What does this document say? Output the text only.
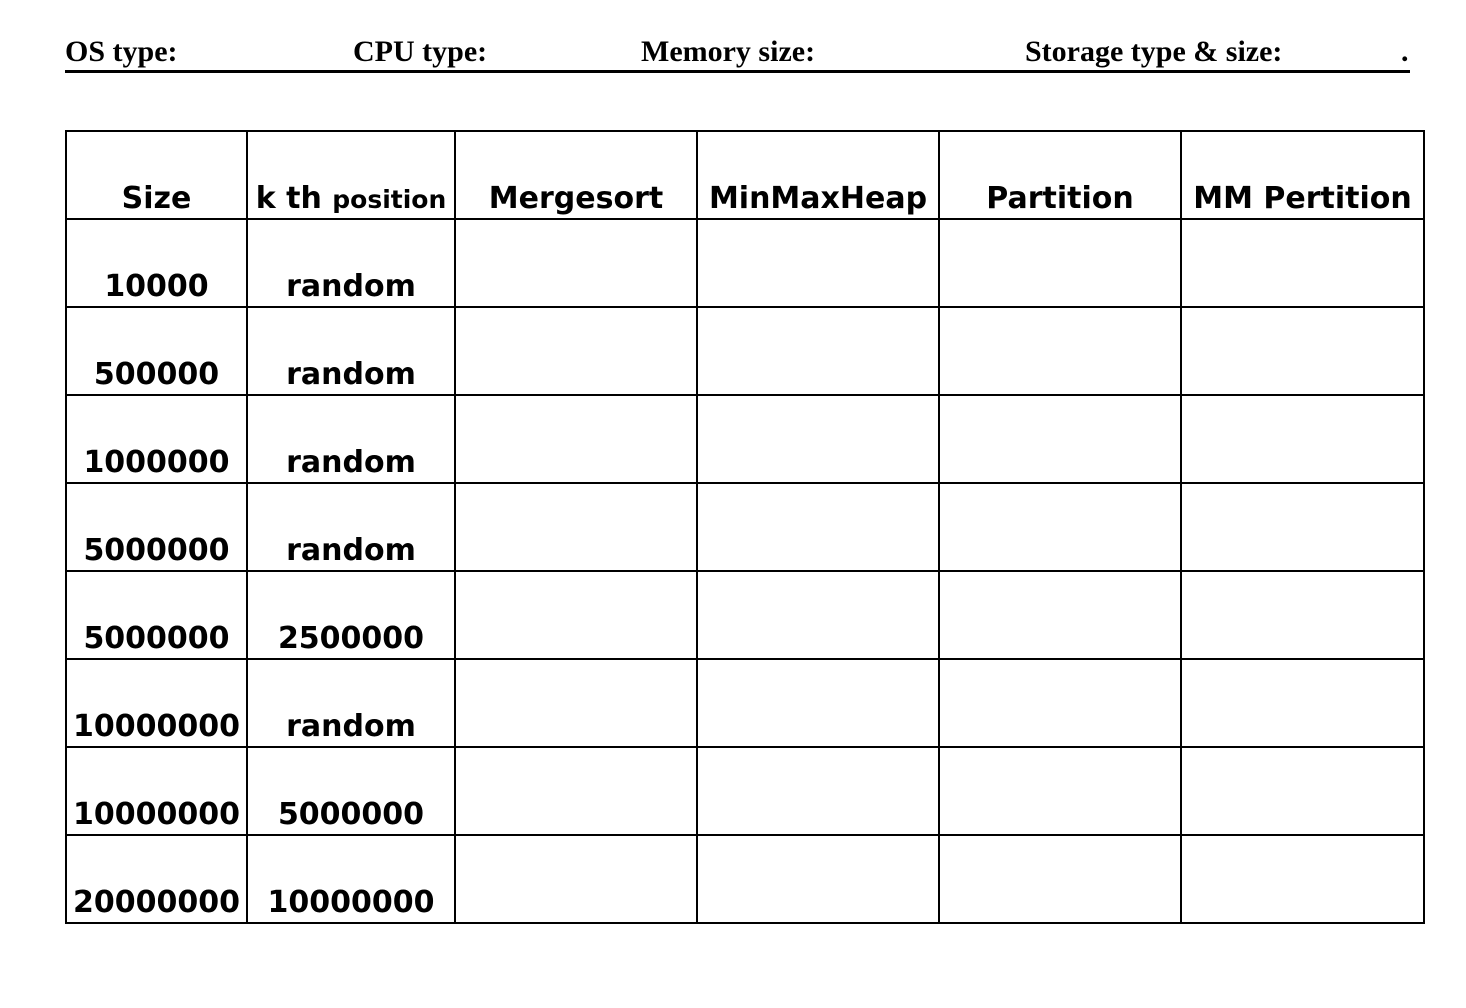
OS type:	CPU type:	Memory size:	Storage type & size:	.
Size	k th position	Mergesort	MinMaxHeap	Partition	MM Pertition
10000	random				
500000	random				
1000000	random				
5000000	random				
5000000	2500000				
10000000	random				
10000000	5000000				
20000000	10000000				
